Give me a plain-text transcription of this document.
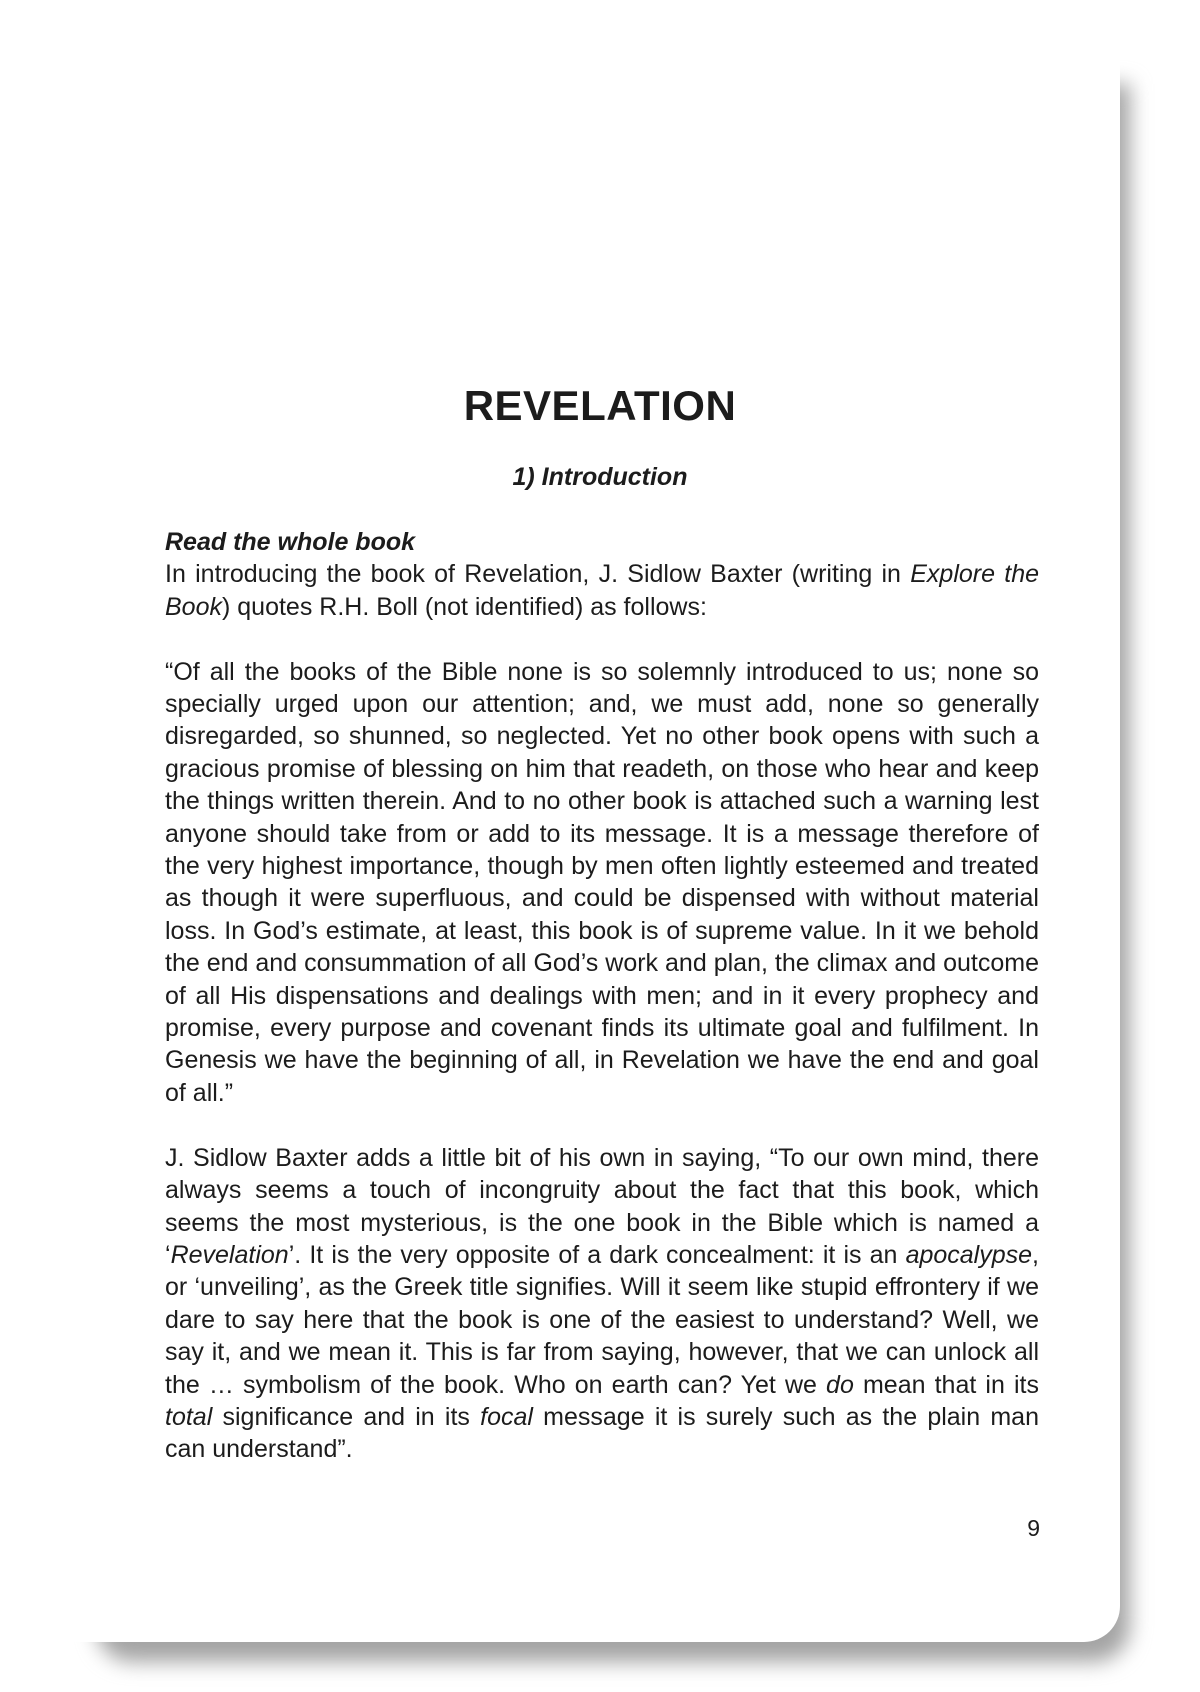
REVELATION
1) Introduction

Read the whole book
In introducing the book of Revelation, J. Sidlow Baxter (writing in Explore the Book) quotes R.H. Boll (not identified) as follows:

“Of all the books of the Bible none is so solemnly introduced to us; none so specially urged upon our attention; and, we must add, none so generally disregarded, so shunned, so neglected. Yet no other book opens with such a gracious promise of blessing on him that readeth, on those who hear and keep the things written therein. And to no other book is attached such a warning lest anyone should take from or add to its message. It is a message therefore of the very highest importance, though by men often lightly esteemed and treated as though it were superfluous, and could be dispensed with without material loss. In God’s estimate, at least, this book is of supreme value. In it we behold the end and consummation of all God’s work and plan, the climax and outcome of all His dispensations and dealings with men; and in it every prophecy and promise, every purpose and covenant finds its ultimate goal and fulfilment. In Genesis we have the beginning of all, in Revelation we have the end and goal of all.”

J. Sidlow Baxter adds a little bit of his own in saying, “To our own mind, there always seems a touch of incongruity about the fact that this book, which seems the most mysterious, is the one book in the Bible which is named a ‘Revelation’. It is the very opposite of a dark concealment: it is an apocalypse, or ‘unveiling’, as the Greek title signifies. Will it seem like stupid effrontery if we dare to say here that the book is one of the easiest to understand? Well, we say it, and we mean it. This is far from saying, however, that we can unlock all the … symbolism of the book. Who on earth can? Yet we do mean that in its total significance and in its focal message it is surely such as the plain man can understand”.

9
